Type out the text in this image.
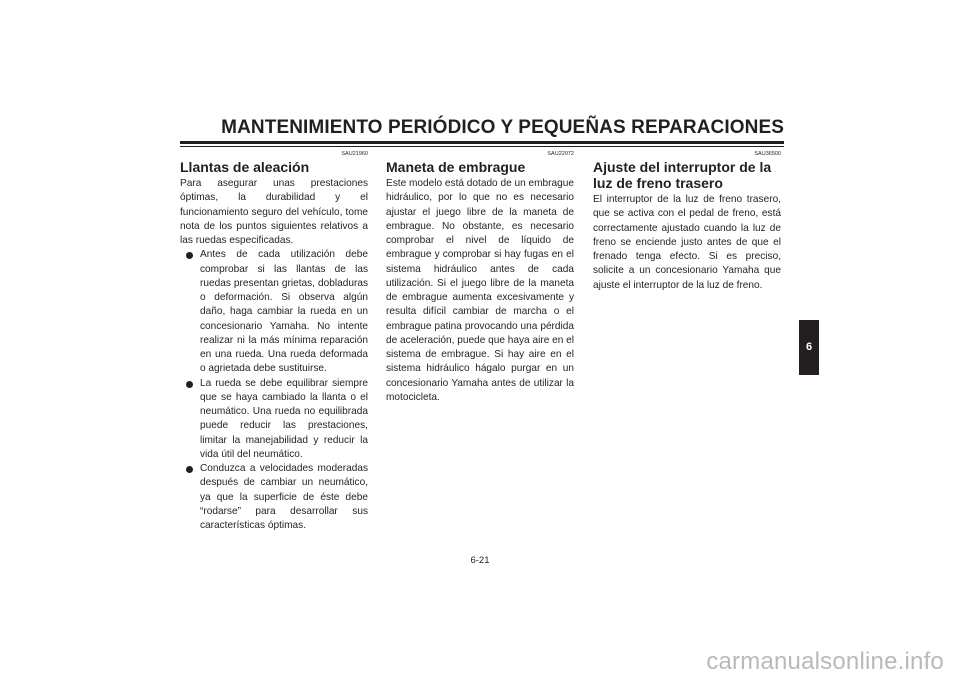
MANTENIMIENTO PERIÓDICO Y PEQUEÑAS REPARACIONES

SAU21960

Llantas de aleación

Para asegurar unas prestaciones óptimas, la durabilidad y el funcionamiento seguro del vehículo, tome nota de los puntos siguientes relativos a las ruedas especificadas.

Antes de cada utilización debe comprobar si las llantas de las ruedas presentan grietas, dobladuras o deformación. Si observa algún daño, haga cambiar la rueda en un concesionario Yamaha. No intente realizar ni la más mínima reparación en una rueda. Una rueda deformada o agrietada debe sustituirse.
La rueda se debe equilibrar siempre que se haya cambiado la llanta o el neumático. Una rueda no equilibrada puede reducir las prestaciones, limitar la manejabilidad y reducir la vida útil del neumático.
Conduzca a velocidades moderadas después de cambiar un neumático, ya que la superficie de éste debe “rodarse” para desarrollar sus características óptimas.

SAU22072

Maneta de embrague

Este modelo está dotado de un embrague hidráulico, por lo que no es necesario ajustar el juego libre de la maneta de embrague. No obstante, es necesario comprobar el nivel de líquido de embrague y comprobar si hay fugas en el sistema hidráulico antes de cada utilización. Si el juego libre de la maneta de embrague aumenta excesivamente y resulta difícil cambiar de marcha o el embrague patina provocando una pérdida de aceleración, puede que haya aire en el sistema de embrague. Si hay aire en el sistema hidráulico hágalo purgar en un concesionario Yamaha antes de utilizar la motocicleta.

SAU36500

Ajuste del interruptor de la luz de freno trasero

El interruptor de la luz de freno trasero, que se activa con el pedal de freno, está correctamente ajustado cuando la luz de freno se enciende justo antes de que el frenado tenga efecto. Si es preciso, solicite a un concesionario Yamaha que ajuste el interruptor de la luz de freno.

6

6-21

carmanualsonline.info
